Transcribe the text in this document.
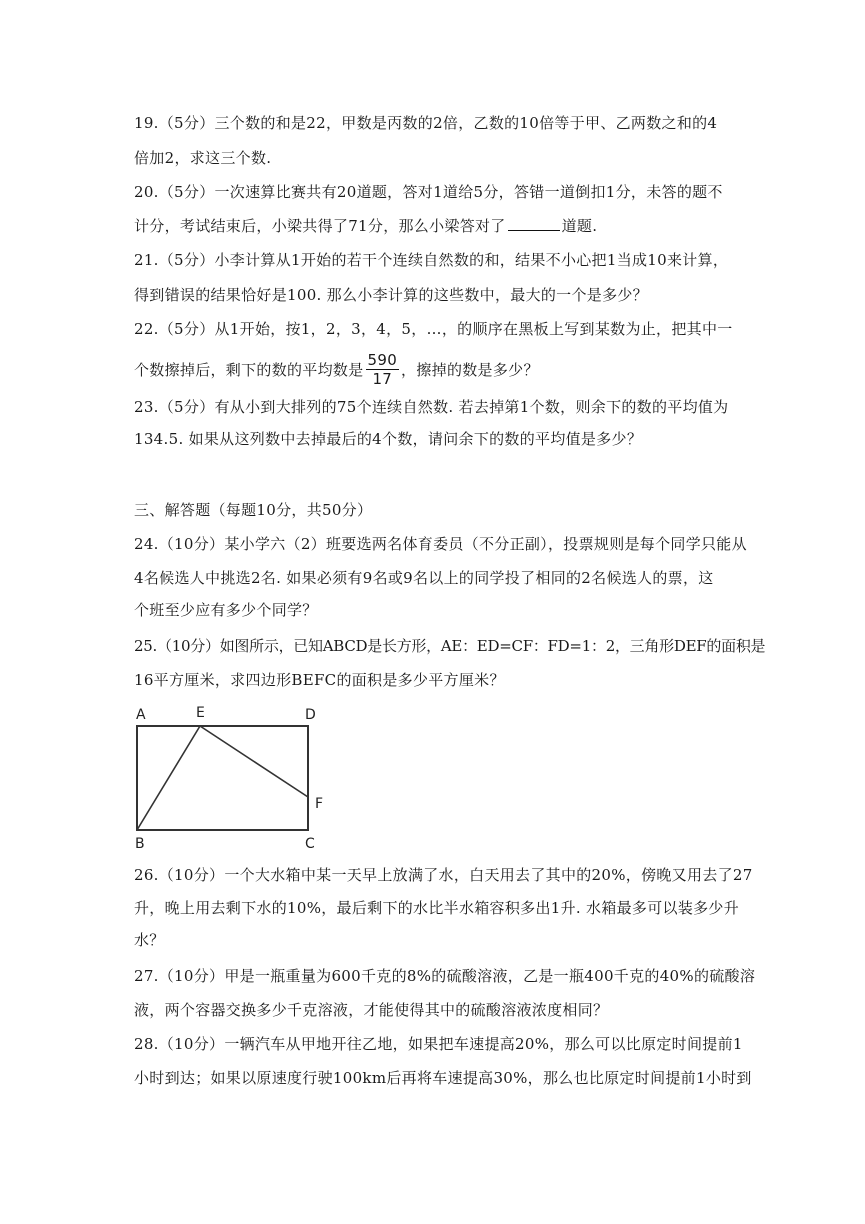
19.（5分）三个数的和是22，甲数是丙数的2倍，乙数的10倍等于甲、乙两数之和的4
倍加2，求这三个数.
20.（5分）一次速算比赛共有20道题，答对1道给5分，答错一道倒扣1分，未答的题不
计分，考试结束后，小梁共得了71分，那么小梁答对了	道题.
21.（5分）小李计算从1开始的若干个连续自然数的和，结果不小心把1当成10来计算，
得到错误的结果恰好是100. 那么小李计算的这些数中，最大的一个是多少？
22.（5分）从1开始，按1，2，3，4，5，…，的顺序在黑板上写到某数为止，把其中一
个数擦掉后，剩下的数的平均数是 $\frac{590}{17}$ ，擦掉的数是多少？
23.（5分）有从小到大排列的75个连续自然数. 若去掉第1个数，则余下的数的平均值为
134.5. 如果从这列数中去掉最后的4个数，请问余下的数的平均值是多少？
三、解答题（每题10分，共50分）
24.（10分）某小学六（2）班要选两名体育委员（不分正副），投票规则是每个同学只能从
4名候选人中挑选2名. 如果必须有9名或9名以上的同学投了相同的2名候选人的票，这
个班至少应有多少个同学？
25.（10分）如图所示，已知ABCD是长方形，AE：ED=CF：FD=1：2，三角形DEF的面积是
16平方厘米，求四边形BEFC的面积是多少平方厘米？
A	E	D
F
B	C
26.（10分）一个大水箱中某一天早上放满了水，白天用去了其中的20%，傍晚又用去了27
升，晚上用去剩下水的10%，最后剩下的水比半水箱容积多出1升. 水箱最多可以装多少升
水？
27.（10分）甲是一瓶重量为600千克的8%的硫酸溶液，乙是一瓶400千克的40%的硫酸溶
液，两个容器交换多少千克溶液，才能使得其中的硫酸溶液浓度相同？
28.（10分）一辆汽车从甲地开往乙地，如果把车速提高20%，那么可以比原定时间提前1
小时到达；如果以原速度行驶100km后再将车速提高30%，那么也比原定时间提前1小时到
